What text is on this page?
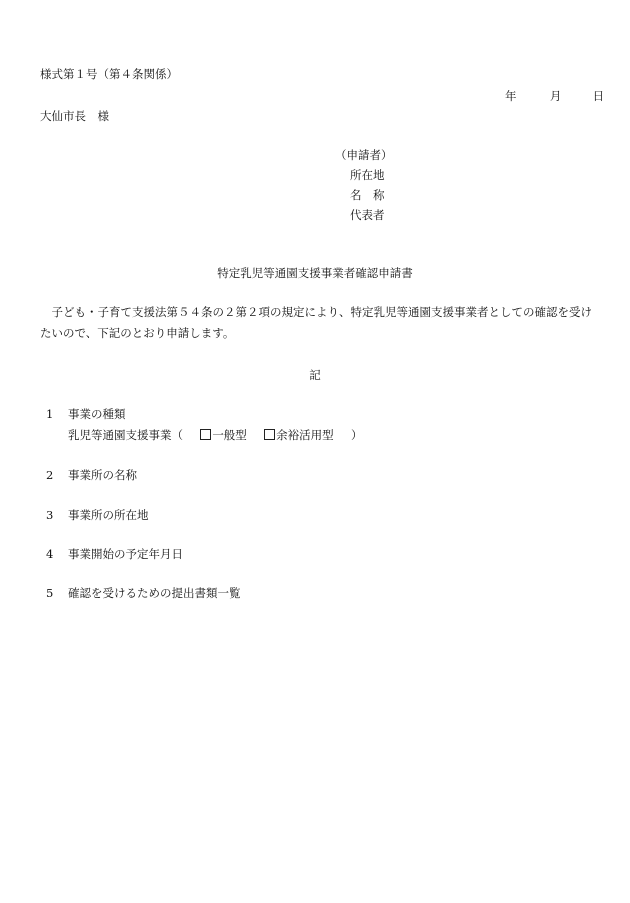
様式第１号（第４条関係）
年	月	日
大仙市長　様
（申請者）
所在地
名　称
代表者
特定乳児等通園支援事業者確認申請書
子ども・子育て支援法第５４条の２第２項の規定により、特定乳児等通園支援事業者としての確認を受けたいので、下記のとおり申請します。
記
1 事業の種類
乳児等通園支援事業（	一般型	余裕活用型 ）
2 事業所の名称
3 事業所の所在地
4 事業開始の予定年月日
5 確認を受けるための提出書類一覧
